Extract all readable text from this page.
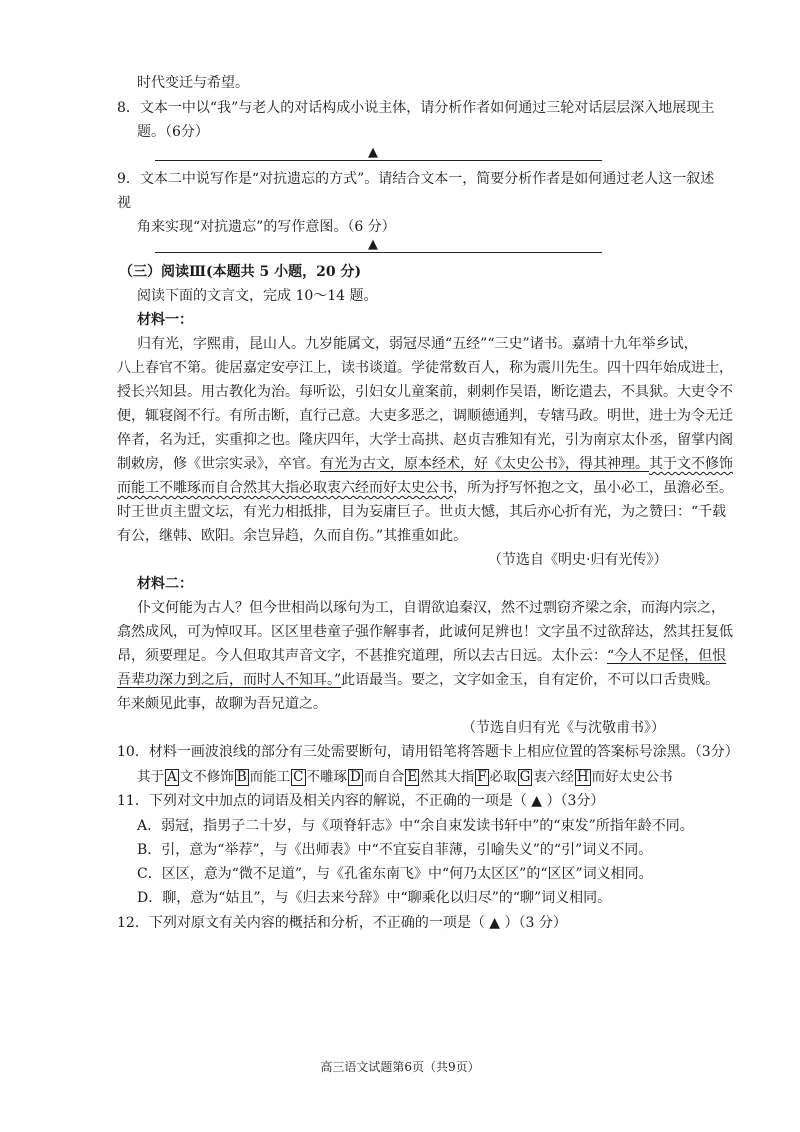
时代变迁与希望。
8．文本一中以“我”与老人的对话构成小说主体，请分析作者如何通过三轮对话层层深入地展现主
题。（6分）
▲
9．文本二中说写作是“对抗遗忘的方式”。请结合文本一，简要分析作者是如何通过老人这一叙述
视
角来实现“对抗遗忘”的写作意图。（6 分）
▲
（三）阅读Ⅲ(本题共 5 小题，20 分)
阅读下面的文言文，完成 10～14 题。
材料一：
归有光，字熙甫，昆山人。九岁能属文，弱冠尽通“五经”“三史”诸书。嘉靖十九年举乡试，
八上春官不第。徙居嘉定安亭江上，读书谈道。学徒常数百人，称为震川先生。四十四年始成进士，
授长兴知县。用古教化为治。每听讼，引妇女儿童案前，刺刺作吴语，断讫遣去，不具狱。大吏令不
便，辄寝阁不行。有所击断，直行己意。大吏多恶之，调顺德通判，专辖马政。明世，进士为令无迁
倅者，名为迁，实重抑之也。隆庆四年，大学士高拱、赵贞吉雅知有光，引为南京太仆丞，留掌内阁
制敕房，修《世宗实录》，卒官。有光为古文，原本经术，好《太史公书》，得其神理。其于文不修饰
而能工不雕琢而自合然其大指必取衷六经而好太史公书，所为抒写怀抱之文，虽小必工，虽澹必至。
时王世贞主盟文坛，有光力相抵排，目为妄庸巨子。世贞大憾，其后亦心折有光，为之赞曰：“千载
有公，继韩、欧阳。余岂异趋，久而自伤。”其推重如此。
（节选自《明史·归有光传》）
材料二：
仆文何能为古人？但今世相尚以琢句为工，自谓欲追秦汉，然不过剽窃齐梁之余，而海内宗之，
翕然成风，可为悼叹耳。区区里巷童子强作解事者，此诚何足辨也！文字虽不过欲辞达，然其抂复低
昂，须要理足。今人但取其声音文字，不甚推究道理，所以去古日远。太仆云：“今人不足怪，但恨
吾辈功深力到之后，而时人不知耳。”此语最当。要之，文字如金玉，自有定价，不可以口舌贵贱。
年来颇见此事，故聊为吾兄道之。
（节选自归有光《与沈敬甫书》）
10．材料一画波浪线的部分有三处需要断句，请用铅笔将答题卡上相应位置的答案标号涂黑。（3分）
其于 A 文不修饰 B 而能工 C 不雕琢 D 而自合 E 然其大指 F 必取 G 衷六经 H 而好太史公书
11．下列对文中加点的词语及相关内容的解说，不正确的一项是（ ▲ ）（3分）
A．弱冠，指男子二十岁，与《项脊轩志》中“余自束发读书轩中”的“束发”所指年龄不同。
B．引，意为“举荐”，与《出师表》中“不宜妄自菲薄，引喻失义”的“引”词义不同。
C．区区，意为“微不足道”，与《孔雀东南飞》中“何乃太区区”的“区区”词义相同。
D．聊，意为“姑且”，与《归去来兮辞》中“聊乘化以归尽”的“聊”词义相同。
12．下列对原文有关内容的概括和分析，不正确的一项是（ ▲ ）（3 分）
高三语文试题第6页（共9页）
